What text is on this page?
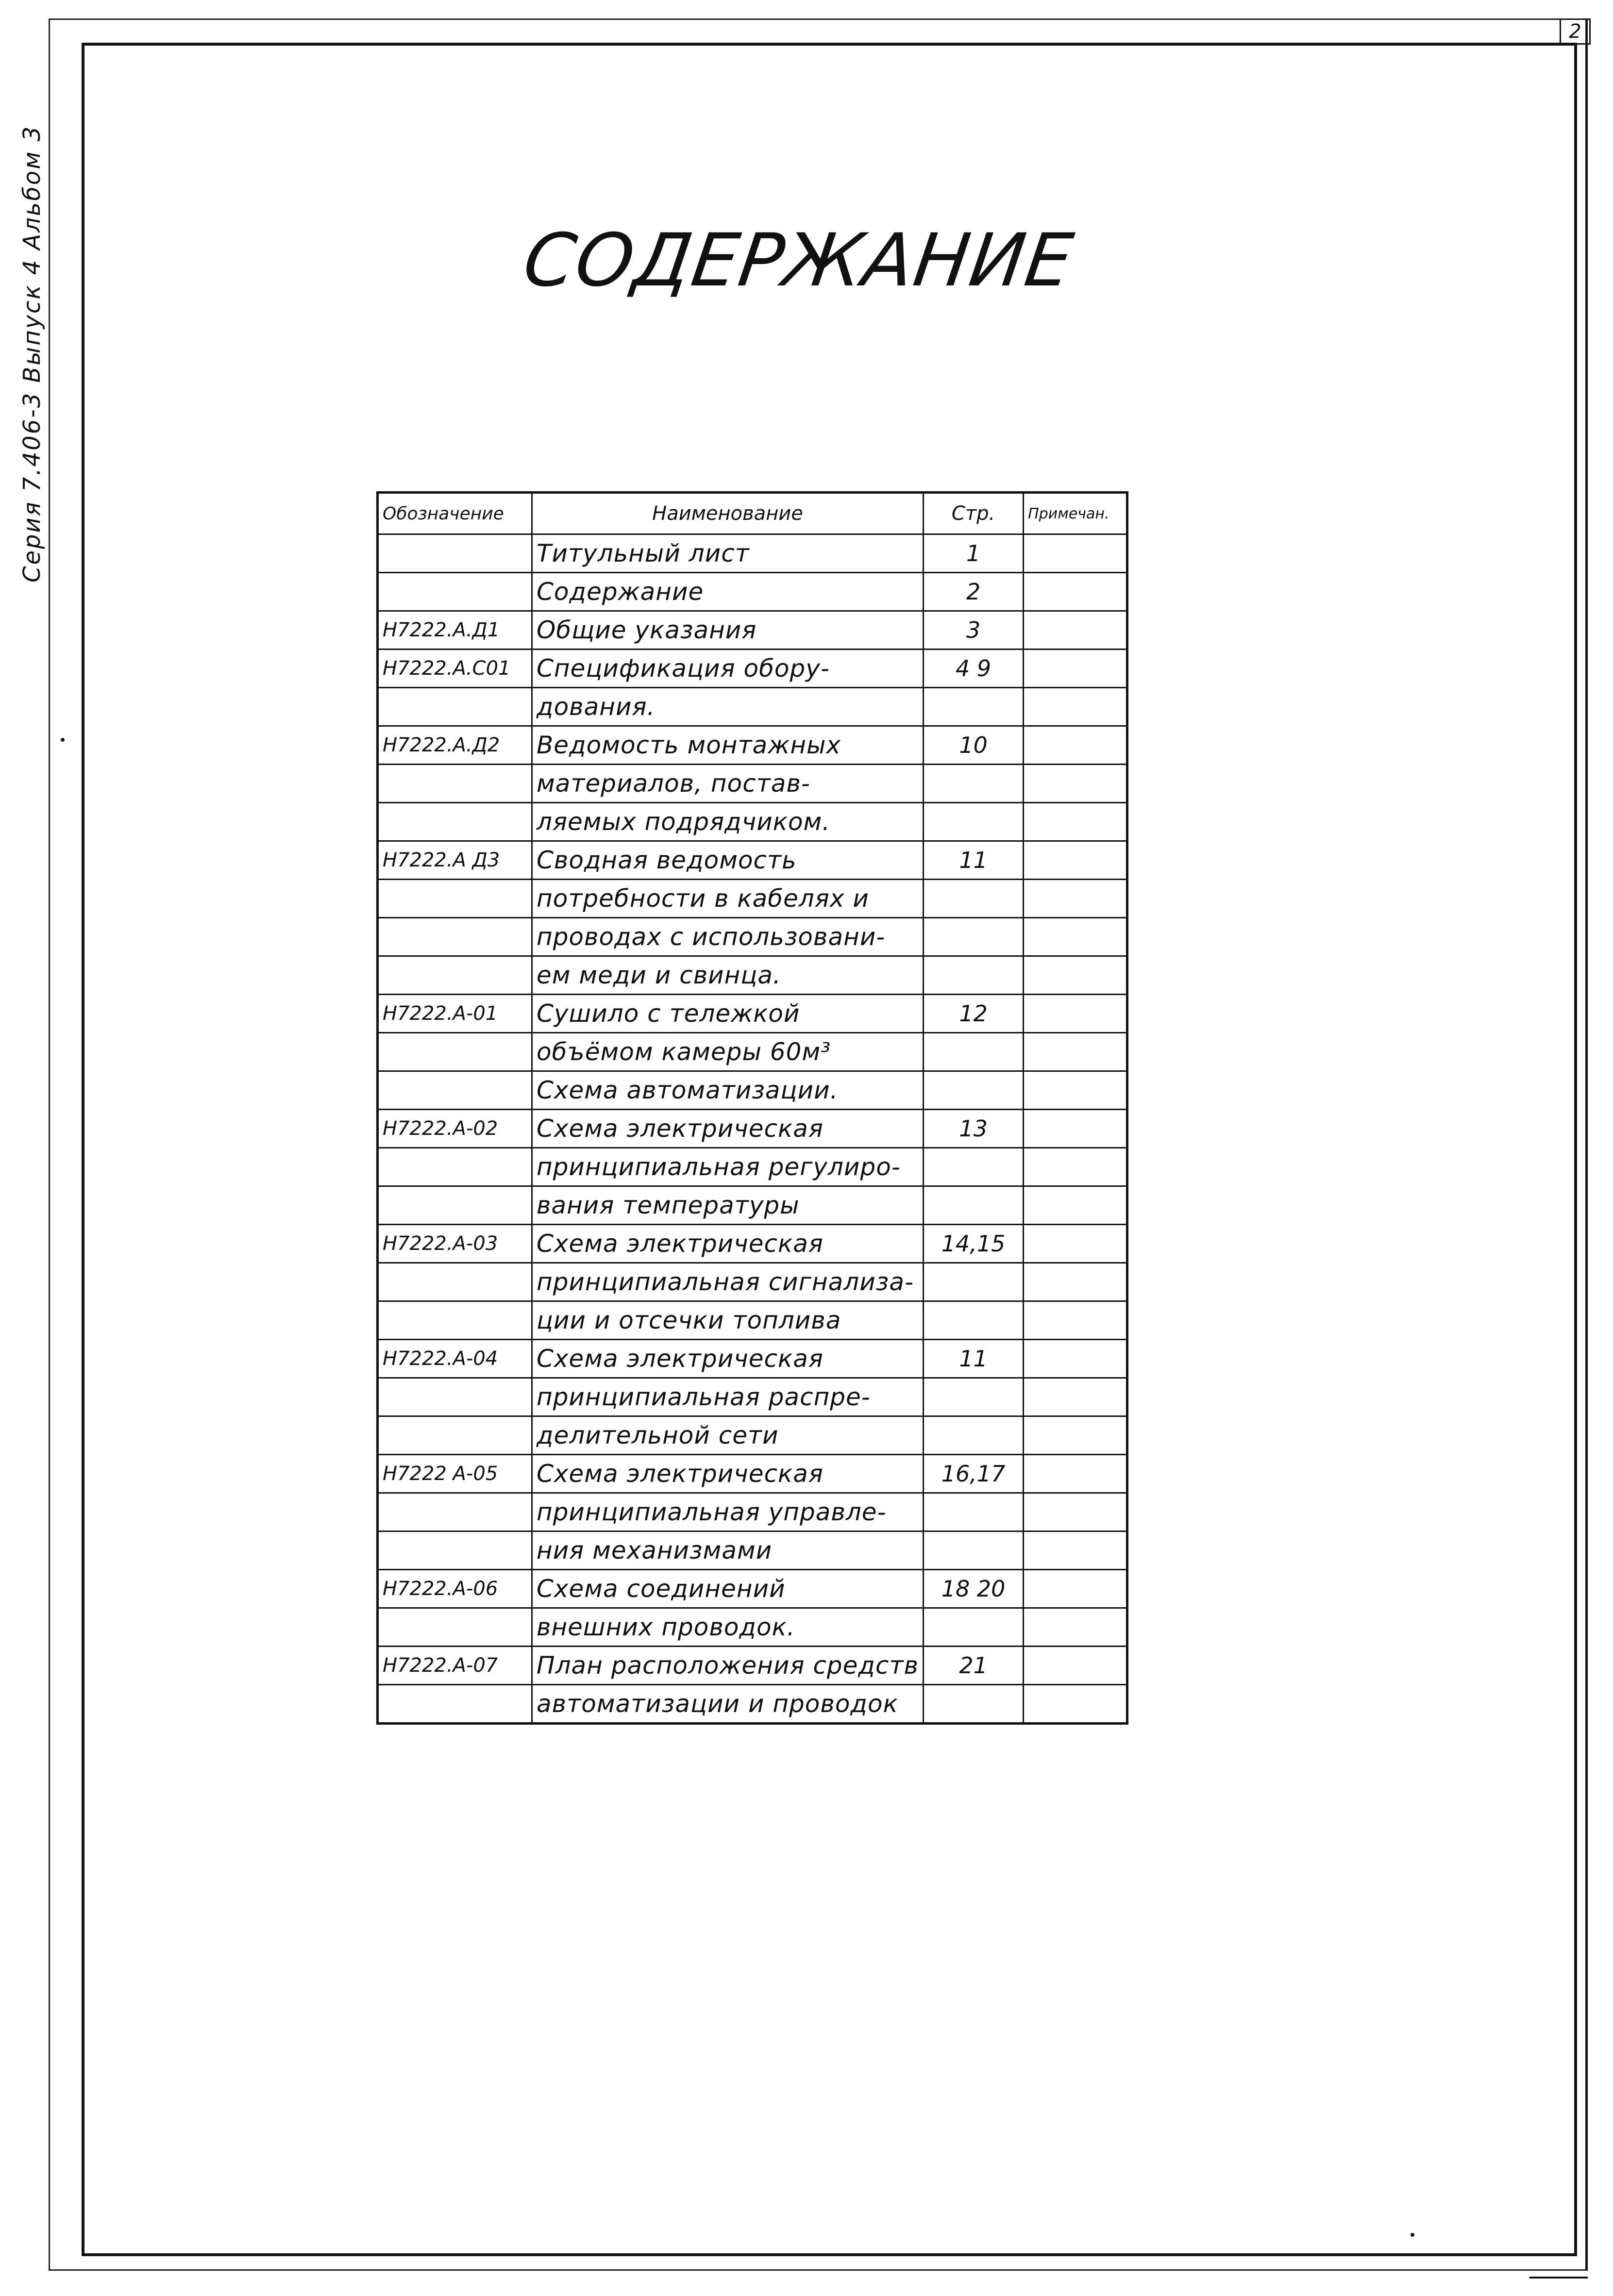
2
Серия 7.406-3 Выпуск 4 Альбом 3	СОДЕРЖАНИЕ
Обозначение	Наименование	Стр.	Примечан.
	Титульный лист	1	
	Содержание	2	
Н7222.А.Д1	Общие указания	3	
Н7222.А.С01	Спецификация обору-	4 9	
	дования.		
Н7222.А.Д2	Ведомость монтажных	10	
	материалов, постав-		
	ляемых подрядчиком.		
Н7222.А Д3	Сводная ведомость	11	
	потребности в кабелях и		
	проводах с использовани-		
	ем меди и свинца.		
Н7222.А-01	Сушило с тележкой	12	
	объёмом камеры 60м³		
	Схема автоматизации.		
Н7222.А-02	Схема электрическая	13	
	принципиальная регулиро-		
	вания температуры		
Н7222.А-03	Схема электрическая	14,15	
	принципиальная сигнализа-		
	ции и отсечки топлива		
Н7222.А-04	Схема электрическая	11	
	принципиальная распре-		
	делительной сети		
Н7222 А-05	Схема электрическая	16,17	
	принципиальная управле-		
	ния механизмами		
Н7222.А-06	Схема соединений	18 20	
	внешних проводок.		
Н7222.А-07	План расположения средств	21	
	автоматизации и проводок		
